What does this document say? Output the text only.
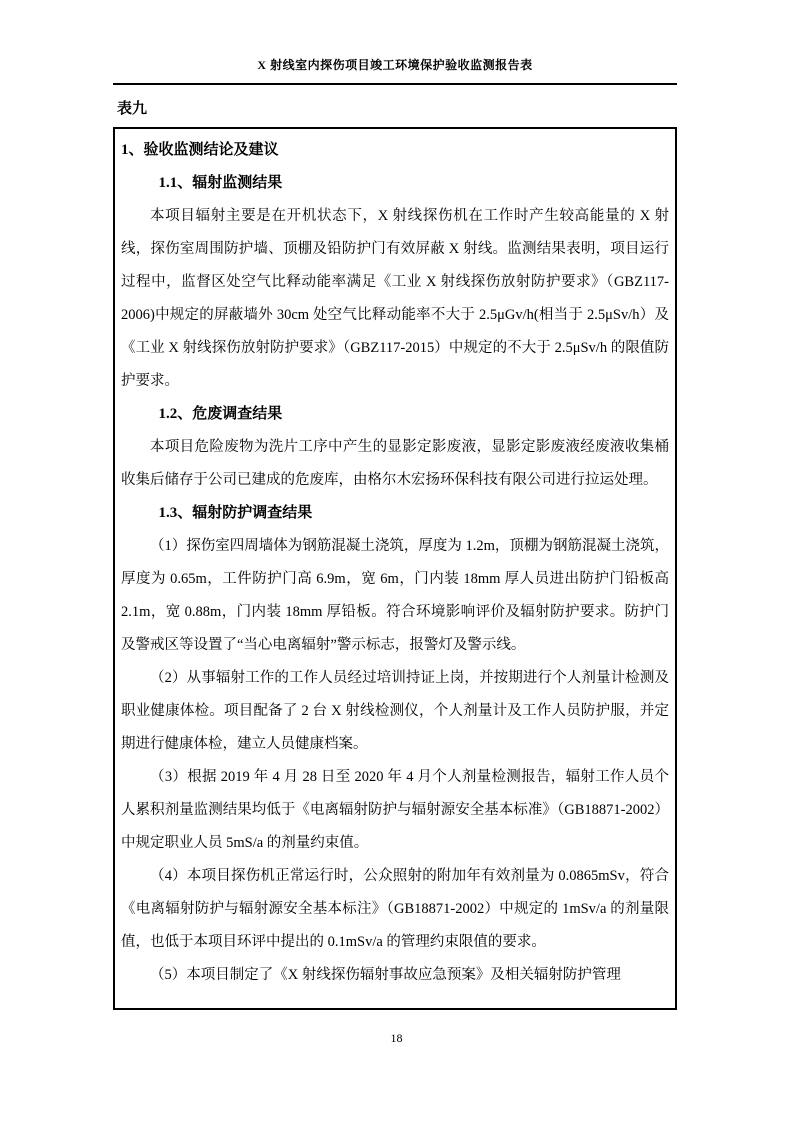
X 射线室内探伤项目竣工环境保护验收监测报告表
表九
1、验收监测结论及建议
1.1、辐射监测结果

本项目辐射主要是在开机状态下，X 射线探伤机在工作时产生较高能量的 X 射线，探伤室周围防护墙、顶棚及铅防护门有效屏蔽 X 射线。监测结果表明，项目运行过程中，监督区处空气比释动能率满足《工业 X 射线探伤放射防护要求》（GBZ117-2006)中规定的屏蔽墙外 30cm 处空气比释动能率不大于 2.5μGv/h(相当于 2.5μSv/h）及《工业 X 射线探伤放射防护要求》（GBZ117-2015）中规定的不大于 2.5μSv/h 的限值防护要求。

1.2、危废调查结果

本项目危险废物为洗片工序中产生的显影定影废液，显影定影废液经废液收集桶收集后储存于公司已建成的危废库，由格尔木宏扬环保科技有限公司进行拉运处理。

1.3、辐射防护调查结果

（1）探伤室四周墙体为钢筋混凝土浇筑，厚度为 1.2m，顶棚为钢筋混凝土浇筑，厚度为 0.65m，工件防护门高 6.9m，宽 6m，门内装 18mm 厚人员进出防护门铅板高 2.1m，宽 0.88m，门内装 18mm 厚铅板。符合环境影响评价及辐射防护要求。防护门及警戒区等设置了“当心电离辐射”警示标志，报警灯及警示线。

（2）从事辐射工作的工作人员经过培训持证上岗，并按期进行个人剂量计检测及职业健康体检。项目配备了 2 台 X 射线检测仪，个人剂量计及工作人员防护服，并定期进行健康体检，建立人员健康档案。

（3）根据 2019 年 4 月 28 日至 2020 年 4 月个人剂量检测报告，辐射工作人员个人累积剂量监测结果均低于《电离辐射防护与辐射源安全基本标准》（GB18871-2002）中规定职业人员 5mS/a 的剂量约束值。

（4）本项目探伤机正常运行时，公众照射的附加年有效剂量为 0.0865mSv，符合《电离辐射防护与辐射源安全基本标注》（GB18871-2002）中规定的 1mSv/a 的剂量限值，也低于本项目环评中提出的 0.1mSv/a 的管理约束限值的要求。

（5）本项目制定了《X 射线探伤辐射事故应急预案》及相关辐射防护管理

18
